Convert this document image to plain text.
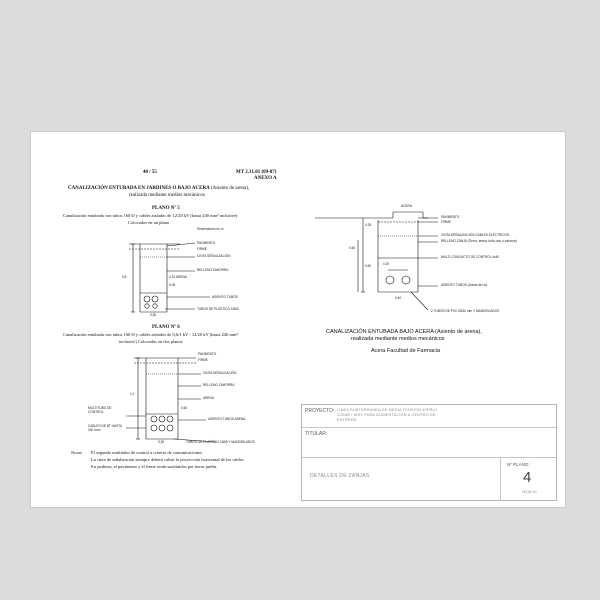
40 / 55	MT 2.31.01 (09-07)
ANEXO A
CANALIZACIÓN ENTUBADA EN JARDINES O BAJO ACERA (Asiento de arena),
realizada mediante medios mecánicos
PLANO Nº 5
Canalización entubada con tubos 160 Ø y cables aislados de 12/20 kV (hasta 240 mm² inclusive)
Colocados en un plano
Dimensiones en m
PAVIMENTO
FIRME
CINTA SEÑALIZACIÓN
RELLENO ZAHORRA
0,10 ARENA
0,06
ASIENTO TUBOS
TUBOS DE PLÁSTICO 160Ø
0,8
0,35
PLANO Nº 6
Canalización entubada con tubos 160 Ø y cables aislados de 0,6/1 kV - 12/20 kV (hasta 240 mm²
inclusive) Colocados en dos planos
PAVIMENTO
FIRME
CINTA SEÑALIZACIÓN
RELLENO ZAHORRA
ARENA
MULTITUBO DE CONTROL
CABLES DE BT HASTA 240 mm²
ASIENTO TUBOS ARENA
TUBOS DE PLÁSTICO 160Ø Y MANDRILADOS
1,0
0,35
0,60
Notas: El segundo multitubo de control a criterio de comunicaciones.
La cinta de señalización siempre deberá cubrir la proyección horizontal de los cables
En jardines, el pavimento y el firme serán sustituidos por tierra jardín.
ACERA
PAVIMENTO
FIRME
CINTA SEÑALIZACIÓN CABLES ELÉCTRICOS
RELLENO ZANJA (Tierra, arena, todo-uno o zahorra)
MULTI-CONDUCTO DE CONTROL 4x40
ASIENTO TUBOS (Arena de río)
2 TUBOS DE PVC Ø160 mm Y MANDRILADOS
0.25
0.60
0.60
0.40
0.20
CANALIZACIÓN ENTUBADA BAJO ACERA (Asiento de arena),
realizada mediante medios mecánicos
Acera Facultad de Farmacia
PROYECTO: LÍNEA SUBTERRÁNEA DE MEDIA TENSIÓN 40PRU1 SJZAÑ / WHY PARA ALIMENTACIÓN A CENTRO DE ENTREGA
TITULAR:
DETALLES DE ZANJAS
Nº PLANO:
4
HOJA 1/1
